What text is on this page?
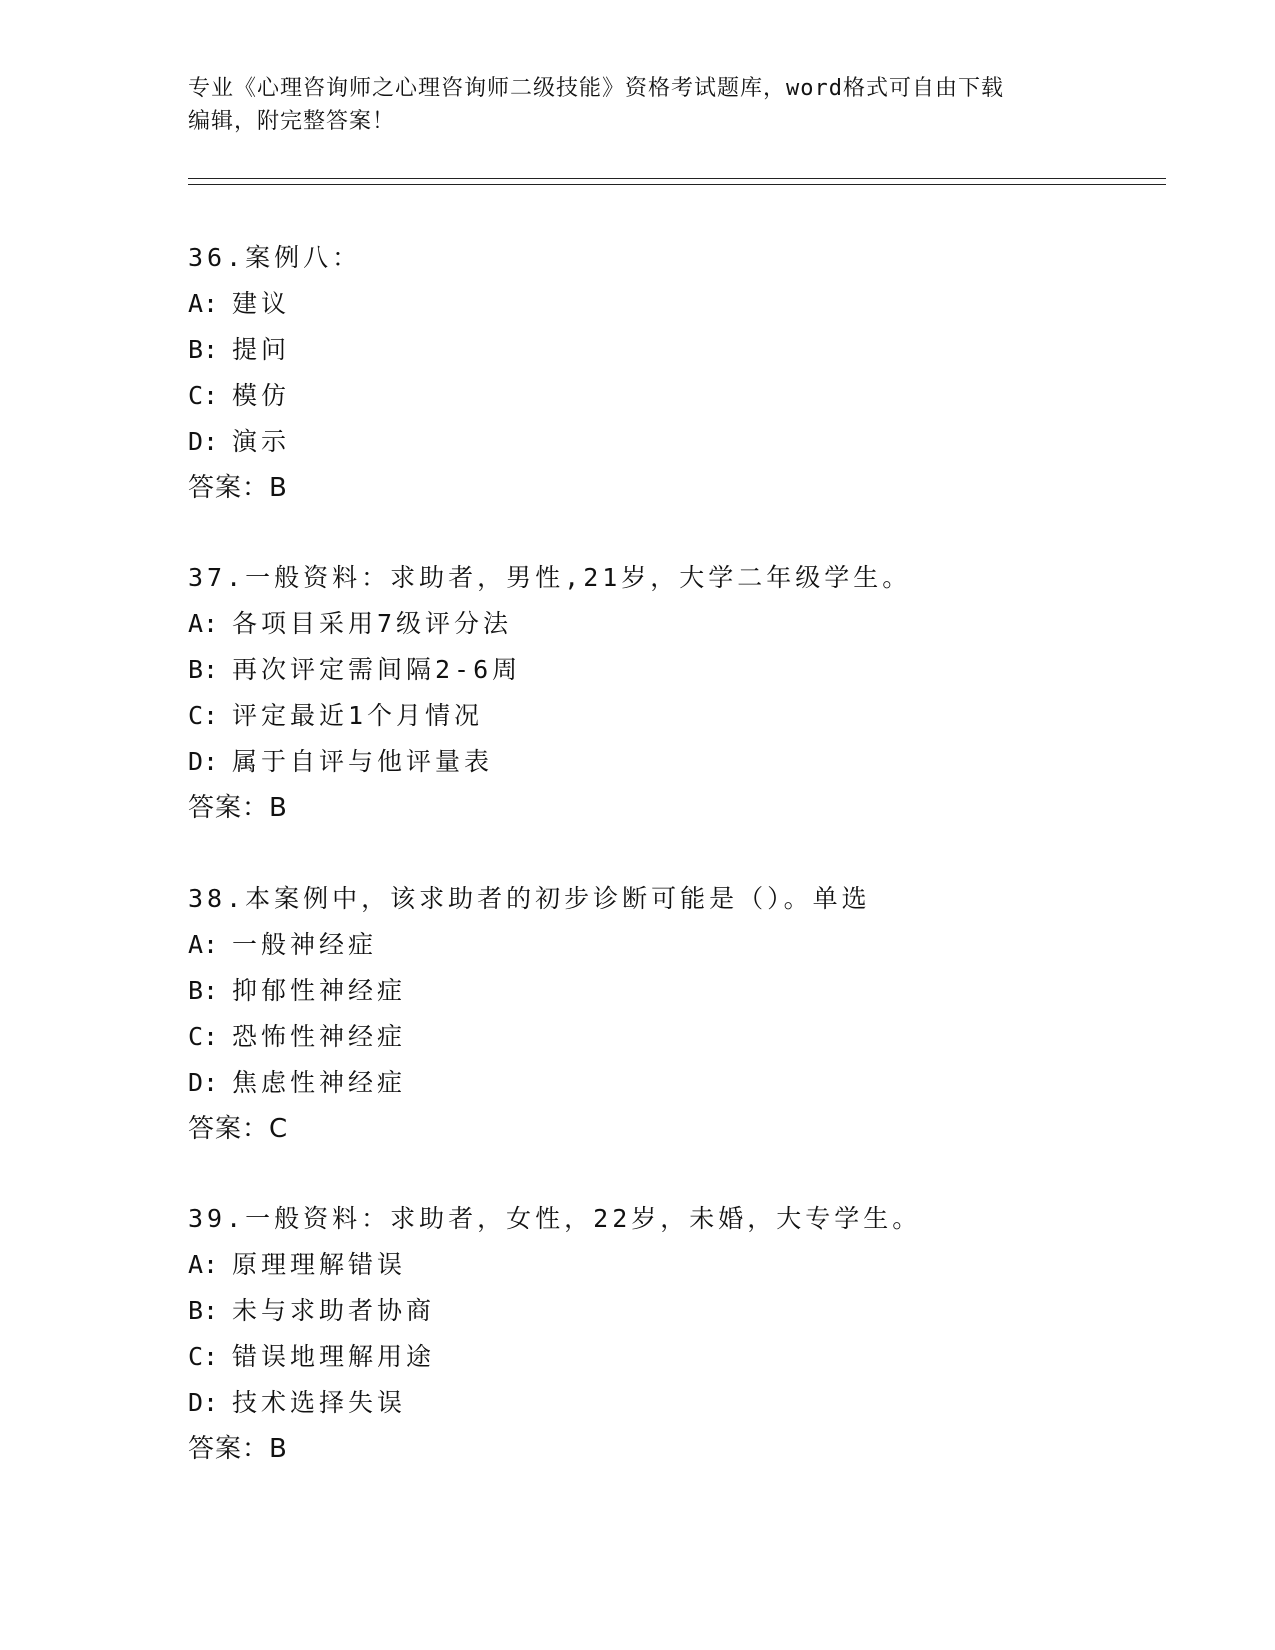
专业《心理咨询师之心理咨询师二级技能》资格考试题库，word格式可自由下载
编辑，附完整答案！
36.案例八：
A: 建议
B: 提问
C: 模仿
D: 演示
答案：B
37.一般资料：求助者，男性,21岁，大学二年级学生。
A: 各项目采用7级评分法
B: 再次评定需间隔2-6周
C: 评定最近1个月情况
D: 属于自评与他评量表
答案：B
38.本案例中，该求助者的初步诊断可能是（）。单选
A: 一般神经症
B: 抑郁性神经症
C: 恐怖性神经症
D: 焦虑性神经症
答案：C
39.一般资料：求助者，女性，22岁，未婚，大专学生。
A: 原理理解错误
B: 未与求助者协商
C: 错误地理解用途
D: 技术选择失误
答案：B
